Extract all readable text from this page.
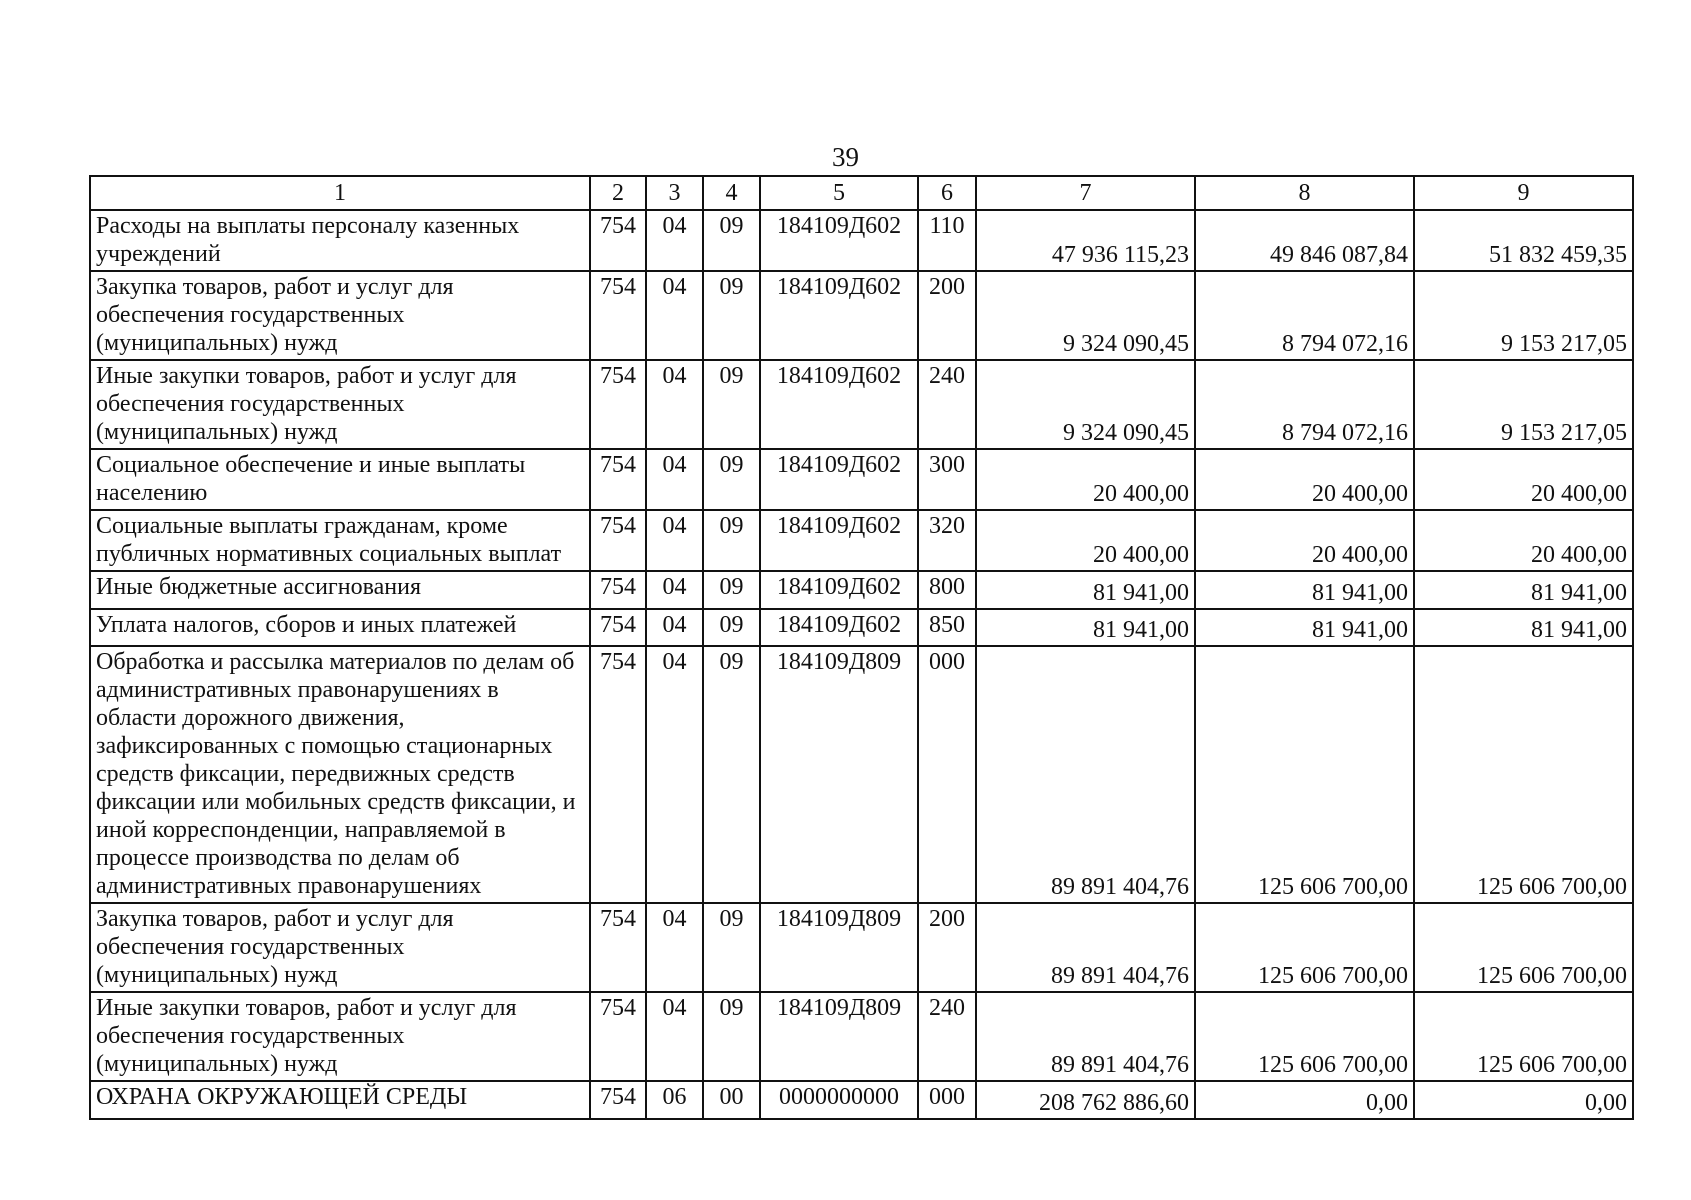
39
1	2	3	4	5	6	7	8	9
Расходы на выплаты персоналу казенных учреждений	754	04	09	184109Д602	110	47 936 115,23	49 846 087,84	51 832 459,35
Закупка товаров, работ и услуг для обеспечения государственных (муниципальных) нужд	754	04	09	184109Д602	200	9 324 090,45	8 794 072,16	9 153 217,05
Иные закупки товаров, работ и услуг для обеспечения государственных (муниципальных) нужд	754	04	09	184109Д602	240	9 324 090,45	8 794 072,16	9 153 217,05
Социальное обеспечение и иные выплаты населению	754	04	09	184109Д602	300	20 400,00	20 400,00	20 400,00
Социальные выплаты гражданам, кроме публичных нормативных социальных выплат	754	04	09	184109Д602	320	20 400,00	20 400,00	20 400,00
Иные бюджетные ассигнования	754	04	09	184109Д602	800	81 941,00	81 941,00	81 941,00
Уплата налогов, сборов и иных платежей	754	04	09	184109Д602	850	81 941,00	81 941,00	81 941,00
Обработка и рассылка материалов по делам об административных правонарушениях в области дорожного движения, зафиксированных с помощью стационарных средств фиксации, передвижных средств фиксации или мобильных средств фиксации, и иной корреспонденции, направляемой в процессе производства по делам об административных правонарушениях	754	04	09	184109Д809	000	89 891 404,76	125 606 700,00	125 606 700,00
Закупка товаров, работ и услуг для обеспечения государственных (муниципальных) нужд	754	04	09	184109Д809	200	89 891 404,76	125 606 700,00	125 606 700,00
Иные закупки товаров, работ и услуг для обеспечения государственных (муниципальных) нужд	754	04	09	184109Д809	240	89 891 404,76	125 606 700,00	125 606 700,00
ОХРАНА ОКРУЖАЮЩЕЙ СРЕДЫ	754	06	00	0000000000	000	208 762 886,60	0,00	0,00
